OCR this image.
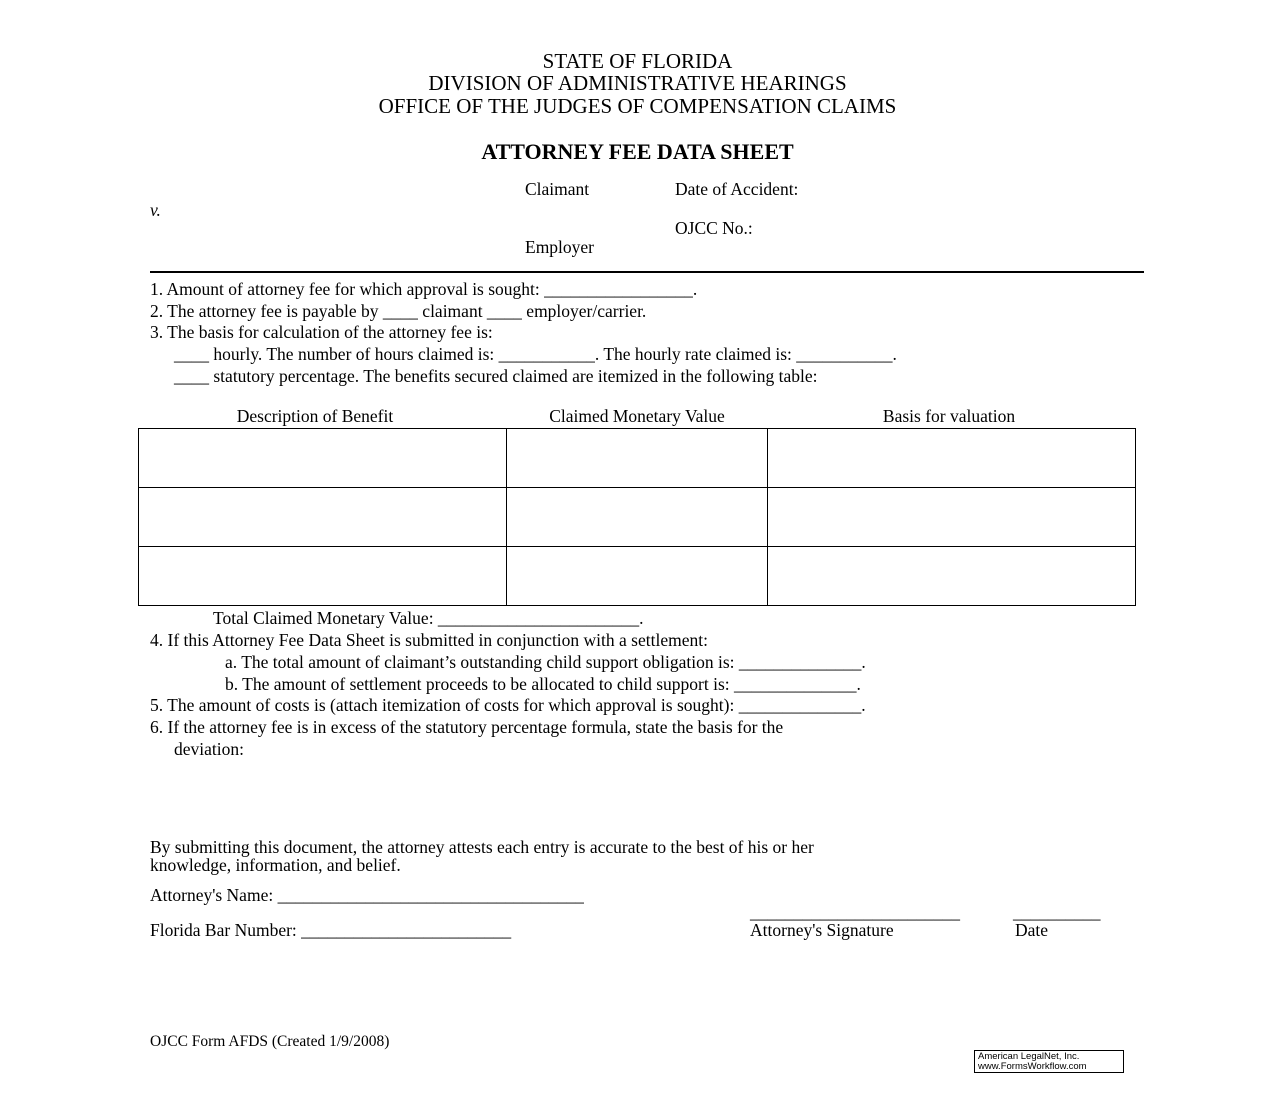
STATE OF FLORIDA
DIVISION OF ADMINISTRATIVE HEARINGS
OFFICE OF THE JUDGES OF COMPENSATION CLAIMS
ATTORNEY FEE DATA SHEET
Claimant	Date of Accident:
v.
OJCC No.:
Employer
1. Amount of attorney fee for which approval is sought: _________________.
2. The attorney fee is payable by ____ claimant ____ employer/carrier.
3. The basis for calculation of the attorney fee is:
____ hourly. The number of hours claimed is: ___________. The hourly rate claimed is: ___________.
____ statutory percentage. The benefits secured claimed are itemized in the following table:
Description of Benefit	Claimed Monetary Value	Basis for valuation

Total Claimed Monetary Value: _______________________.
4. If this Attorney Fee Data Sheet is submitted in conjunction with a settlement:
a. The total amount of claimant’s outstanding child support obligation is: ______________.
b. The amount of settlement proceeds to be allocated to child support is: ______________.
5. The amount of costs is (attach itemization of costs for which approval is sought): ______________.
6. If the attorney fee is in excess of the statutory percentage formula, state the basis for the
deviation:
By submitting this document, the attorney attests each entry is accurate to the best of his or her
knowledge, information, and belief.
Attorney's Name: ___________________________________
________________________	__________
Florida Bar Number: ________________________	Attorney's Signature	Date
OJCC Form AFDS (Created 1/9/2008)
American LegalNet, Inc.
www.FormsWorkflow.com
